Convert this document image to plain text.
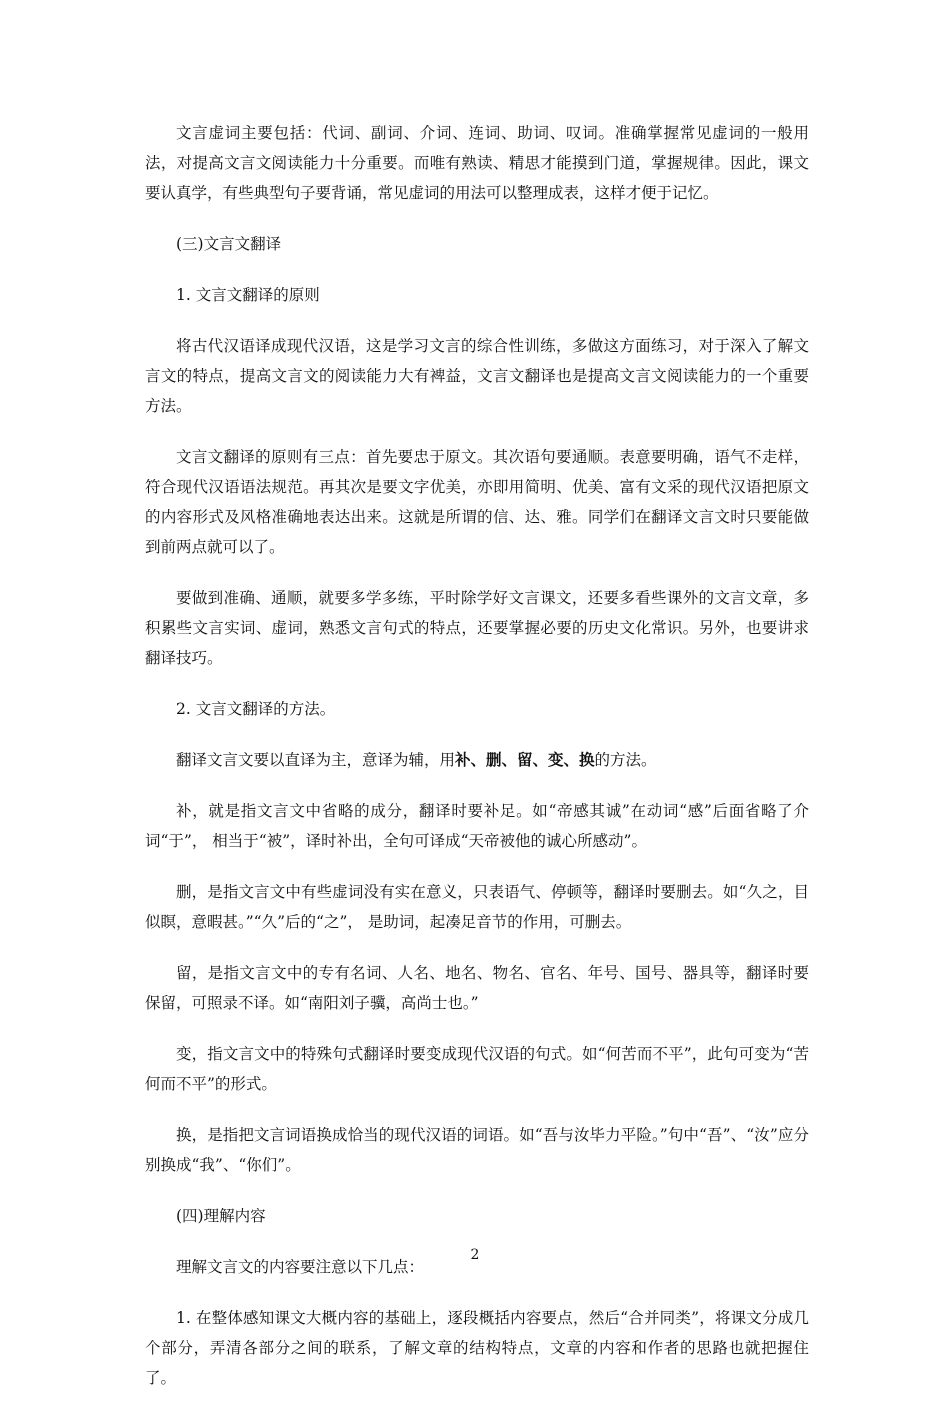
文言虚词主要包括：代词、副词、介词、连词、助词、叹词。准确掌握常见虚词的一般用法，对提高文言文阅读能力十分重要。而唯有熟读、精思才能摸到门道，掌握规律。因此，课文要认真学，有些典型句子要背诵，常见虚词的用法可以整理成表，这样才便于记忆。

(三)文言文翻译

1. 文言文翻译的原则

将古代汉语译成现代汉语，这是学习文言的综合性训练，多做这方面练习，对于深入了解文言文的特点，提高文言文的阅读能力大有裨益，文言文翻译也是提高文言文阅读能力的一个重要方法。

文言文翻译的原则有三点：首先要忠于原文。其次语句要通顺。表意要明确，语气不走样，符合现代汉语语法规范。再其次是要文字优美，亦即用简明、优美、富有文采的现代汉语把原文的内容形式及风格准确地表达出来。这就是所谓的信、达、雅。同学们在翻译文言文时只要能做到前两点就可以了。

要做到准确、通顺，就要多学多练，平时除学好文言课文，还要多看些课外的文言文章，多积累些文言实词、虚词，熟悉文言句式的特点，还要掌握必要的历史文化常识。另外，也要讲求翻译技巧。

2. 文言文翻译的方法。

翻译文言文要以直译为主，意译为辅，用补、删、留、变、换的方法。

补，就是指文言文中省略的成分，翻译时要补足。如“帝感其诚”在动词“感”后面省略了介词“于”， 相当于“被”，译时补出，全句可译成“天帝被他的诚心所感动”。

删，是指文言文中有些虚词没有实在意义，只表语气、停顿等，翻译时要删去。如“久之，目似瞑，意暇甚。”“久”后的“之”， 是助词，起凑足音节的作用，可删去。

留，是指文言文中的专有名词、人名、地名、物名、官名、年号、国号、器具等，翻译时要保留，可照录不译。如“南阳刘子骥，高尚士也。”

变，指文言文中的特殊句式翻译时要变成现代汉语的句式。如“何苦而不平”，此句可变为“苦何而不平”的形式。

换，是指把文言词语换成恰当的现代汉语的词语。如“吾与汝毕力平险。”句中“吾”、“汝”应分别换成“我”、“你们”。

(四)理解内容

理解文言文的内容要注意以下几点：

1. 在整体感知课文大概内容的基础上，逐段概括内容要点，然后“合并同类”，将课文分成几个部分，弄清各部分之间的联系，了解文章的结构特点，文章的内容和作者的思路也就把握住了。

2
